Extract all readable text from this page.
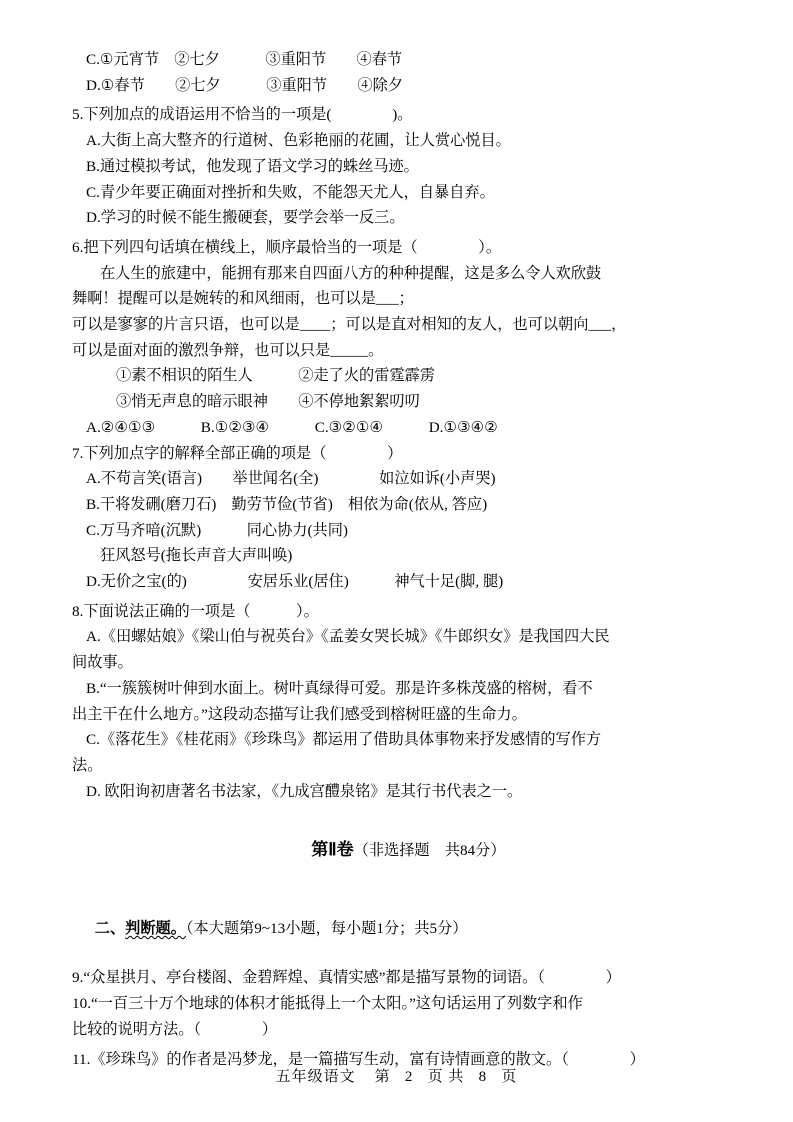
C.①元宵节　②七夕　　　③重阳节　　④春节
D.①春节　　②七夕　　　③重阳节　　④除夕
5.下列加点的成语运用不恰当的一项是(　　　　)。
A.大街上高大整齐的行道树、色彩艳丽的花圃，让人赏心悦目。
B.通过模拟考试，他发现了语文学习的蛛丝马迹。
C.青少年要正确面对挫折和失败，不能怨天尤人，自暴自弃。
D.学习的时候不能生搬硬套，要学会举一反三。
6.把下列四句话填在横线上，顺序最恰当的一项是（　　　　）。
在人生的旅建中，能拥有那来自四面八方的种种提醒，这是多么令人欢欣鼓
舞啊！提醒可以是婉转的和风细雨，也可以是___；
可以是寥寥的片言只语，也可以是____；可以是直对相知的友人，也可以朝向___，
可以是面对面的激烈争辩，也可以只是_____。
①素不相识的陌生人　　　②走了火的雷霆霹雳
③悄无声息的暗示眼神　　④不停地絮絮叨叨
A.②④①③　　　B.①②③④　　　C.③②①④　　　D.①③④②
7.下列加点字的解释全部正确的项是（　　　　）
A.不苟言笑(语言)　　举世闻名(全)　　　　如泣如诉(小声哭)
B.干将发硎(磨刀石)　勤劳节俭(节省)　相依为命(依从, 答应)
C.万马齐喑(沉默)　　　同心协力(共同)
狂风怒号(拖长声音大声叫唤)
D.无价之宝(的)　　　　安居乐业(居住)　　　神气十足(脚, 腿)
8.下面说法正确的一项是（　　　）。
A.《田螺姑娘》《梁山伯与祝英台》《孟姜女哭长城》《牛郎织女》是我国四大民
间故事。
B.“一簇簇树叶伸到水面上。树叶真绿得可爱。那是许多株茂盛的榕树，看不
出主干在什么地方。”这段动态描写让我们感受到榕树旺盛的生命力。
C.《落花生》《桂花雨》《珍珠鸟》都运用了借助具体事物来抒发感情的写作方
法。
D. 欧阳询初唐著名书法家，《九成宫醴泉铭》是其行书代表之一。

第Ⅱ卷（非选择题　共84分）

二、判断题。（本大题第9~13小题，每小题1分；共5分）

9.“众星拱月、亭台楼阁、金碧辉煌、真情实感”都是描写景物的词语。（　　　　）
10.“一百三十万个地球的体积才能抵得上一个太阳。”这句话运用了列数字和作
比较的说明方法。（　　　　）
11.《珍珠鸟》的作者是冯梦龙，是一篇描写生动，富有诗情画意的散文。（　　　　）
五年级语文 第 2 页 共 8 页
